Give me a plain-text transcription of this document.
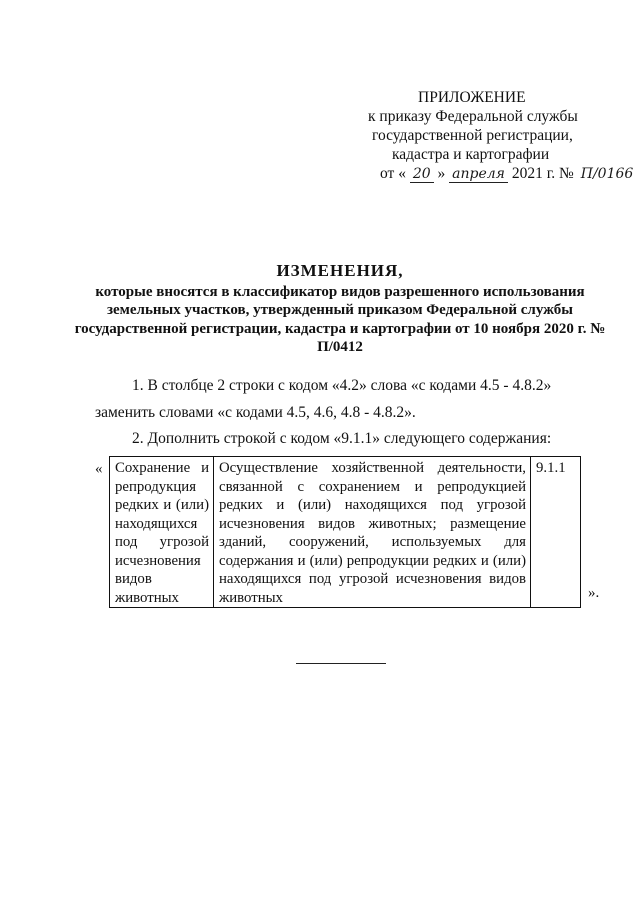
ПРИЛОЖЕНИЕ
к приказу Федеральной службы
государственной регистрации,
кадастра и картографии
от « 20 » апреля 2021 г. № П/0166
ИЗМЕНЕНИЯ,
которые вносятся в классификатор видов разрешенного использования земельных участков, утвержденный приказом Федеральной службы государственной регистрации, кадастра и картографии от 10 ноября 2020 г. № П/0412
1. В столбце 2 строки с кодом «4.2» слова «с кодами 4.5 - 4.8.2»
заменить словами «с кодами 4.5, 4.6, 4.8 - 4.8.2».
2. Дополнить строкой с кодом «9.1.1» следующего содержания:
« Сохранение и репродукция редких и (или) находящихся под угрозой исчезновения видов животных	Осуществление хозяйственной деятельности, связанной с сохранением и репродукцией редких и (или) находящихся под угрозой исчезновения видов животных; размещение зданий, сооружений, используемых для содержания и (или) репродукции редких и (или) находящихся под угрозой исчезновения видов животных	9.1.1
».
